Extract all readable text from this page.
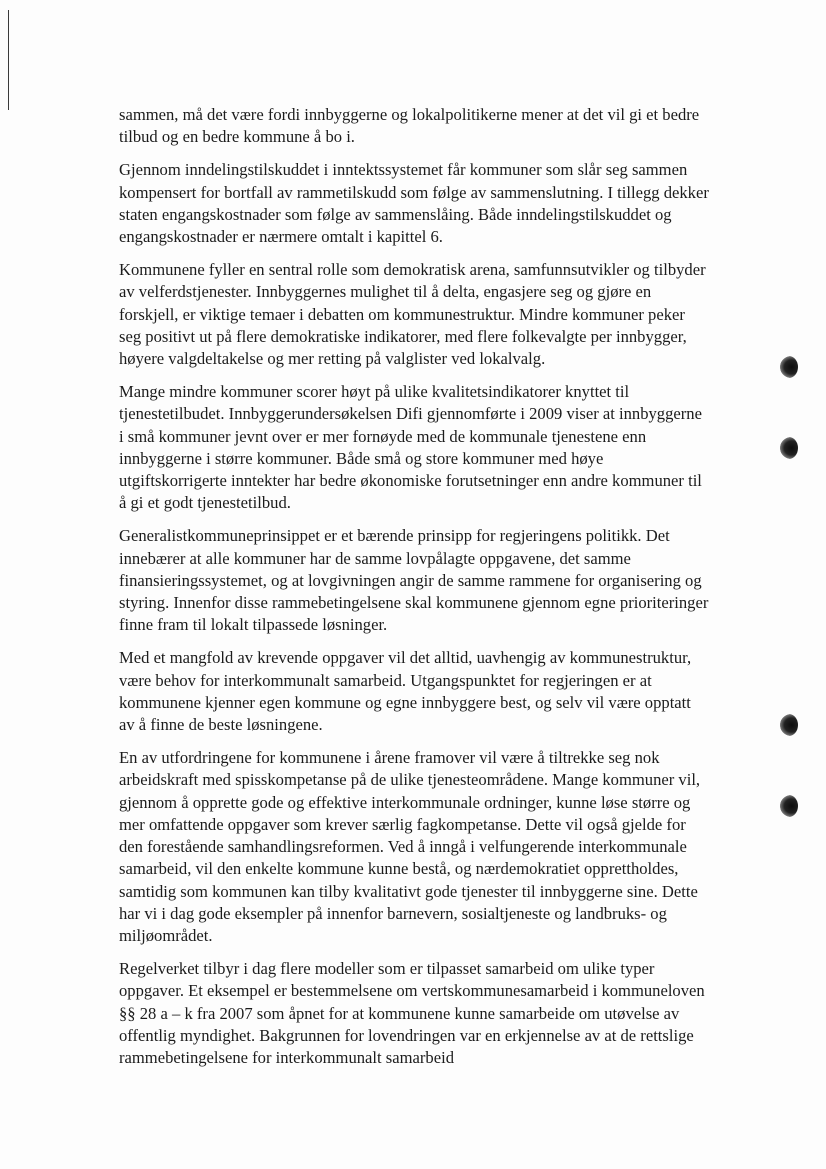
sammen, må det være fordi innbyggerne og lokalpolitikerne mener at det vil gi et bedre tilbud og en bedre kommune å bo i.

Gjennom inndelingstilskuddet i inntektssystemet får kommuner som slår seg sammen kompensert for bortfall av rammetilskudd som følge av sammenslutning. I tillegg dekker staten engangskostnader som følge av sammenslåing. Både inndelingstilskuddet og engangskostnader er nærmere omtalt i kapittel 6.

Kommunene fyller en sentral rolle som demokratisk arena, samfunnsutvikler og tilbyder av velferdstjenester. Innbyggernes mulighet til å delta, engasjere seg og gjøre en forskjell, er viktige temaer i debatten om kommunestruktur. Mindre kommuner peker seg positivt ut på flere demokratiske indikatorer, med flere folkevalgte per innbygger, høyere valgdeltakelse og mer retting på valglister ved lokalvalg.

Mange mindre kommuner scorer høyt på ulike kvalitetsindikatorer knyttet til tjenestetilbudet. Innbyggerundersøkelsen Difi gjennomførte i 2009 viser at innbyggerne i små kommuner jevnt over er mer fornøyde med de kommunale tjenestene enn innbyggerne i større kommuner. Både små og store kommuner med høye utgiftskorrigerte inntekter har bedre økonomiske forutsetninger enn andre kommuner til å gi et godt tjenestetilbud.

Generalistkommuneprinsippet er et bærende prinsipp for regjeringens politikk. Det innebærer at alle kommuner har de samme lovpålagte oppgavene, det samme finansieringssystemet, og at lovgivningen angir de samme rammene for organisering og styring. Innenfor disse rammebetingelsene skal kommunene gjennom egne prioriteringer finne fram til lokalt tilpassede løsninger.

Med et mangfold av krevende oppgaver vil det alltid, uavhengig av kommunestruktur, være behov for interkommunalt samarbeid. Utgangspunktet for regjeringen er at kommunene kjenner egen kommune og egne innbyggere best, og selv vil være opptatt av å finne de beste løsningene.

En av utfordringene for kommunene i årene framover vil være å tiltrekke seg nok arbeidskraft med spisskompetanse på de ulike tjenesteområdene. Mange kommuner vil, gjennom å opprette gode og effektive interkommunale ordninger, kunne løse større og mer omfattende oppgaver som krever særlig fagkompetanse. Dette vil også gjelde for den forestående samhandlingsreformen. Ved å inngå i velfungerende interkommunale samarbeid, vil den enkelte kommune kunne bestå, og nærdemokratiet opprettholdes, samtidig som kommunen kan tilby kvalitativt gode tjenester til innbyggerne sine. Dette har vi i dag gode eksempler på innenfor barnevern, sosialtjeneste og landbruks- og miljøområdet.

Regelverket tilbyr i dag flere modeller som er tilpasset samarbeid om ulike typer oppgaver. Et eksempel er bestemmelsene om vertskommunesamarbeid i kommuneloven §§ 28 a – k fra 2007 som åpnet for at kommunene kunne samarbeide om utøvelse av offentlig myndighet. Bakgrunnen for lovendringen var en erkjennelse av at de rettslige rammebetingelsene for interkommunalt samarbeid
